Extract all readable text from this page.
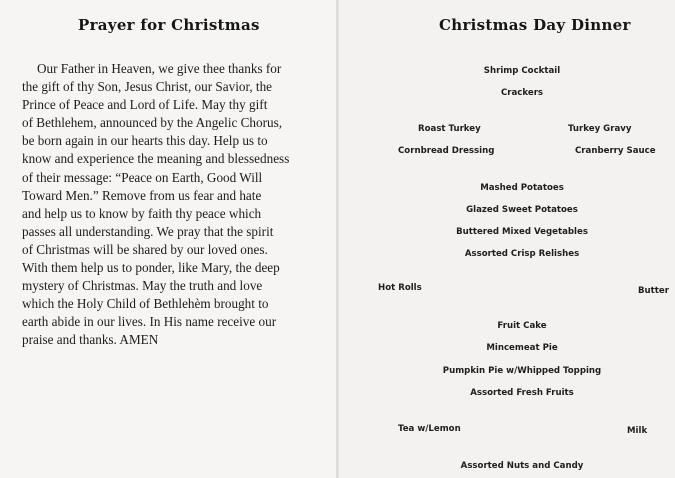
Prayer for Christmas
Our Father in Heaven, we give thee thanks for
the gift of thy Son, Jesus Christ, our Savior, the
Prince of Peace and Lord of Life. May thy gift
of Bethlehem, announced by the Angelic Chorus,
be born again in our hearts this day. Help us to
know and experience the meaning and blessedness
of their message: “Peace on Earth, Good Will
Toward Men.” Remove from us fear and hate
and help us to know by faith thy peace which
passes all understanding. We pray that the spirit
of Christmas will be shared by our loved ones.
With them help us to ponder, like Mary, the deep
mystery of Christmas. May the truth and love
which the Holy Child of Bethlehèm brought to
earth abide in our lives. In His name receive our
praise and thanks. AMEN
Christmas Day Dinner
Shrimp Cocktail
Crackers
Roast Turkey	Turkey Gravy
Cornbread Dressing	Cranberry Sauce
Mashed Potatoes
Glazed Sweet Potatoes
Buttered Mixed Vegetables
Assorted Crisp Relishes
Hot Rolls	Butter
Fruit Cake
Mincemeat Pie
Pumpkin Pie w/Whipped Topping
Assorted Fresh Fruits
Tea w/Lemon	Milk
Assorted Nuts and Candy
